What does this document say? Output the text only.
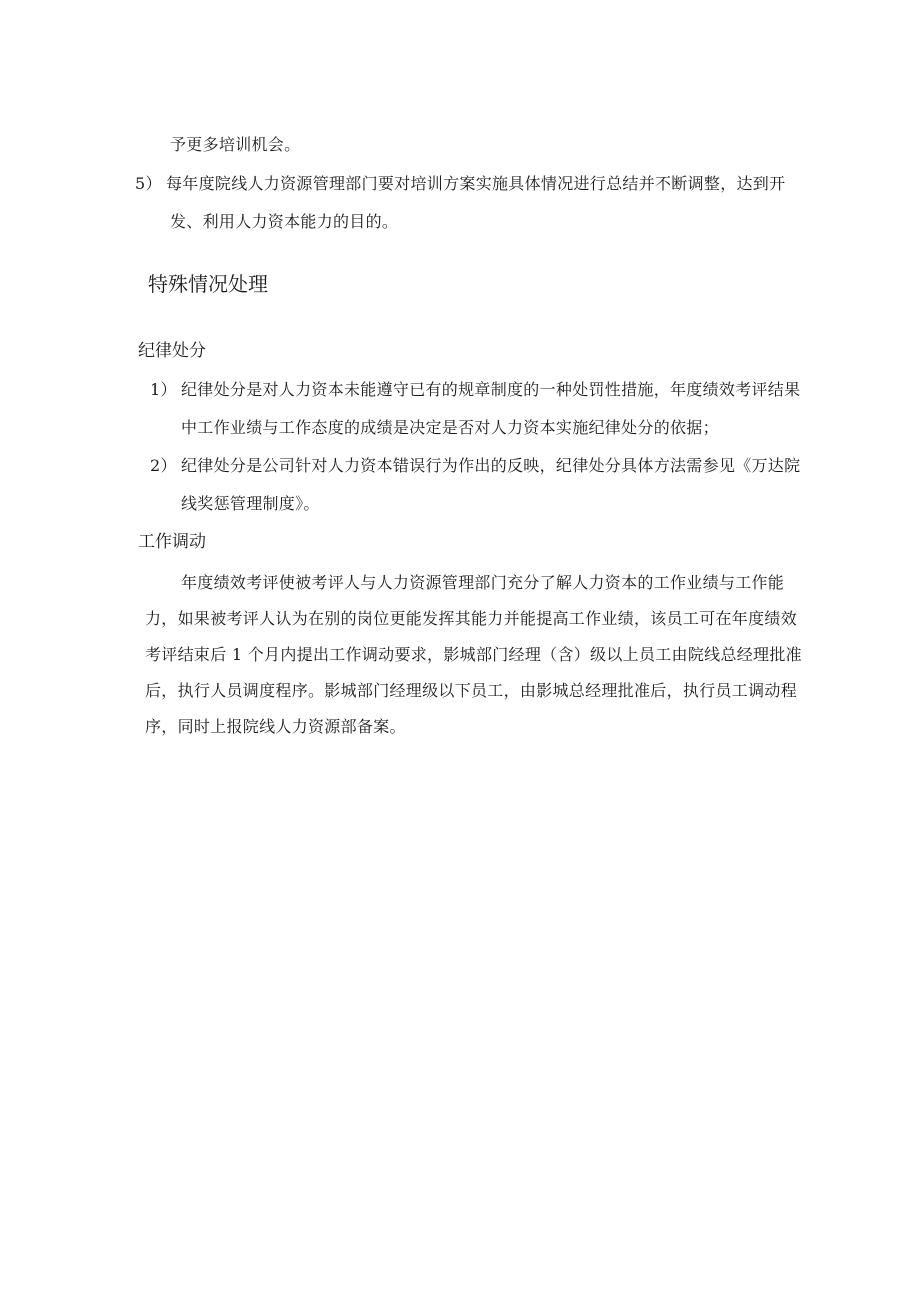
予更多培训机会。
5） 每年度院线人力资源管理部门要对培训方案实施具体情况进行总结并不断调整，达到开
发、利用人力资本能力的目的。
特殊情况处理
纪律处分
1） 纪律处分是对人力资本未能遵守已有的规章制度的一种处罚性措施，年度绩效考评结果
中工作业绩与工作态度的成绩是决定是否对人力资本实施纪律处分的依据；
2） 纪律处分是公司针对人力资本错误行为作出的反映，纪律处分具体方法需参见《万达院
线奖惩管理制度》。
工作调动
年度绩效考评使被考评人与人力资源管理部门充分了解人力资本的工作业绩与工作能
力，如果被考评人认为在别的岗位更能发挥其能力并能提高工作业绩，该员工可在年度绩效
考评结束后 1 个月内提出工作调动要求，影城部门经理（含）级以上员工由院线总经理批准
后，执行人员调度程序。影城部门经理级以下员工，由影城总经理批准后，执行员工调动程
序，同时上报院线人力资源部备案。
